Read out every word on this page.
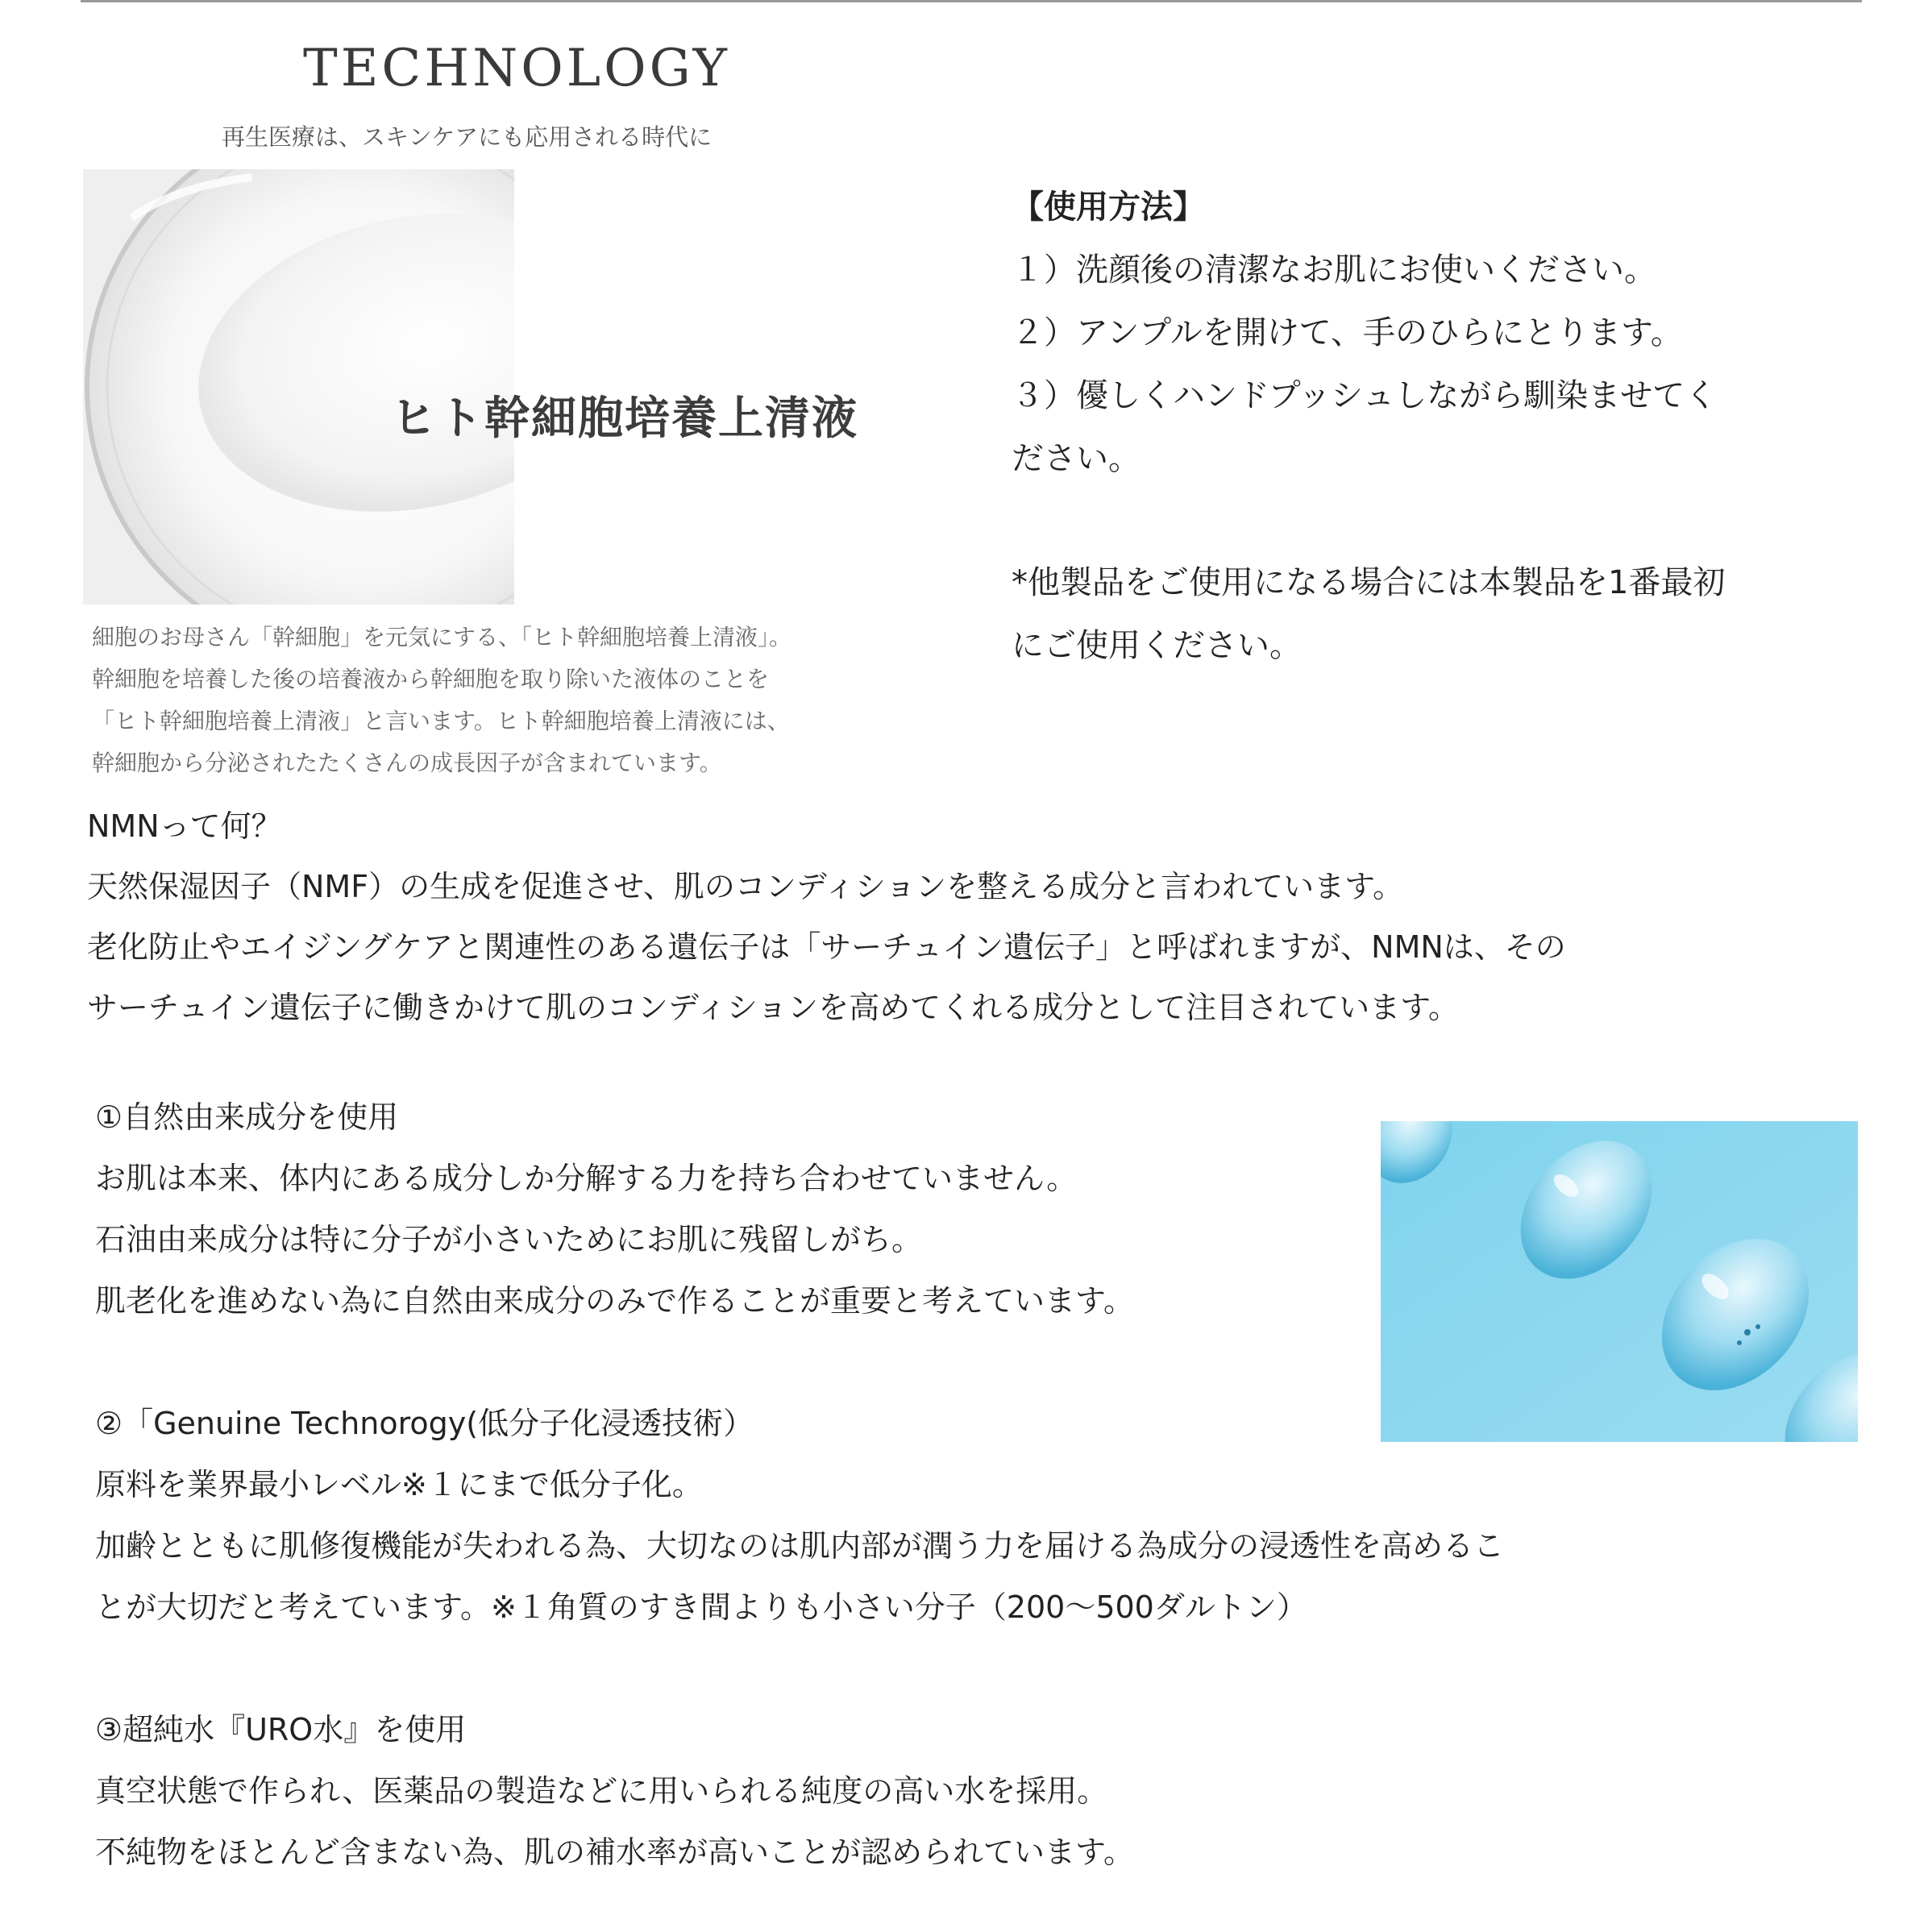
TECHNOLOGY
再生医療は、スキンケアにも応用される時代に
ヒト幹細胞培養上清液
細胞のお母さん「幹細胞」を元気にする、「ヒト幹細胞培養上清液」。
幹細胞を培養した後の培養液から幹細胞を取り除いた液体のことを
「ヒト幹細胞培養上清液」と言います。ヒト幹細胞培養上清液には、
幹細胞から分泌されたたくさんの成長因子が含まれています。

【使用方法】

１）洗顔後の清潔なお肌にお使いください。

２）アンプルを開けて、手のひらにとります。

３）優しくハンドプッシュしながら馴染ませてく

ださい。

*他製品をご使用になる場合には本製品を1番最初

にご使用ください。

NMNって何？

天然保湿因子（NMF）の生成を促進させ、肌のコンディションを整える成分と言われています。

老化防止やエイジングケアと関連性のある遺伝子は「サーチュイン遺伝子」と呼ばれますが、NMNは、その

サーチュイン遺伝子に働きかけて肌のコンディションを高めてくれる成分として注目されています。

①自然由来成分を使用

お肌は本来、体内にある成分しか分解する力を持ち合わせていません。

石油由来成分は特に分子が小さいためにお肌に残留しがち。

肌老化を進めない為に自然由来成分のみで作ることが重要と考えています。

②「Genuine Technorogy(低分子化浸透技術）

原料を業界最小レベル※１にまで低分子化。

加齢とともに肌修復機能が失われる為、大切なのは肌内部が潤う力を届ける為成分の浸透性を高めるこ

とが大切だと考えています。※１角質のすき間よりも小さい分子（200〜500ダルトン）

③超純水『URO水』を使用

真空状態で作られ、医薬品の製造などに用いられる純度の高い水を採用。

不純物をほとんど含まない為、肌の補水率が高いことが認められています。
